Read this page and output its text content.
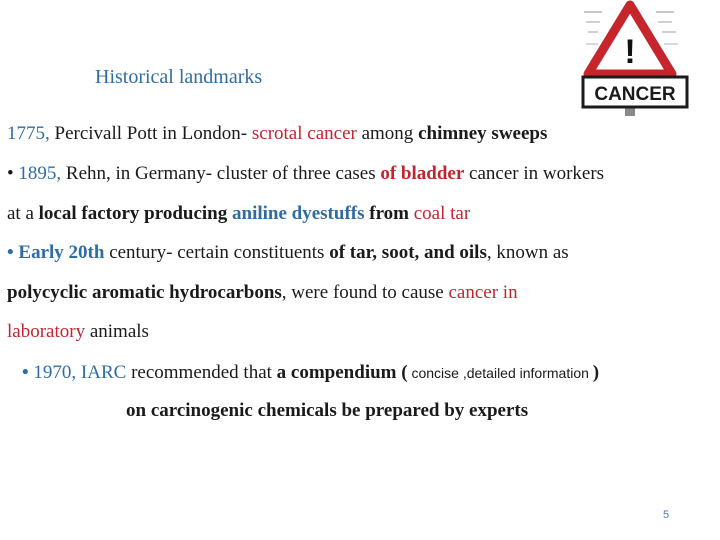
!
CANCER
Historical landmarks
1775, Percivall Pott in London- scrotal cancer among chimney sweeps
• 1895, Rehn, in Germany- cluster of three cases of bladder cancer in workers
at a local factory producing aniline dyestuffs from coal tar
• Early 20th century- certain constituents of tar, soot, and oils, known as
polycyclic aromatic hydrocarbons, were found to cause cancer in
laboratory animals
• 1970, IARC recommended that a compendium ( concise ,detailed information )
on carcinogenic chemicals be prepared by experts
5
